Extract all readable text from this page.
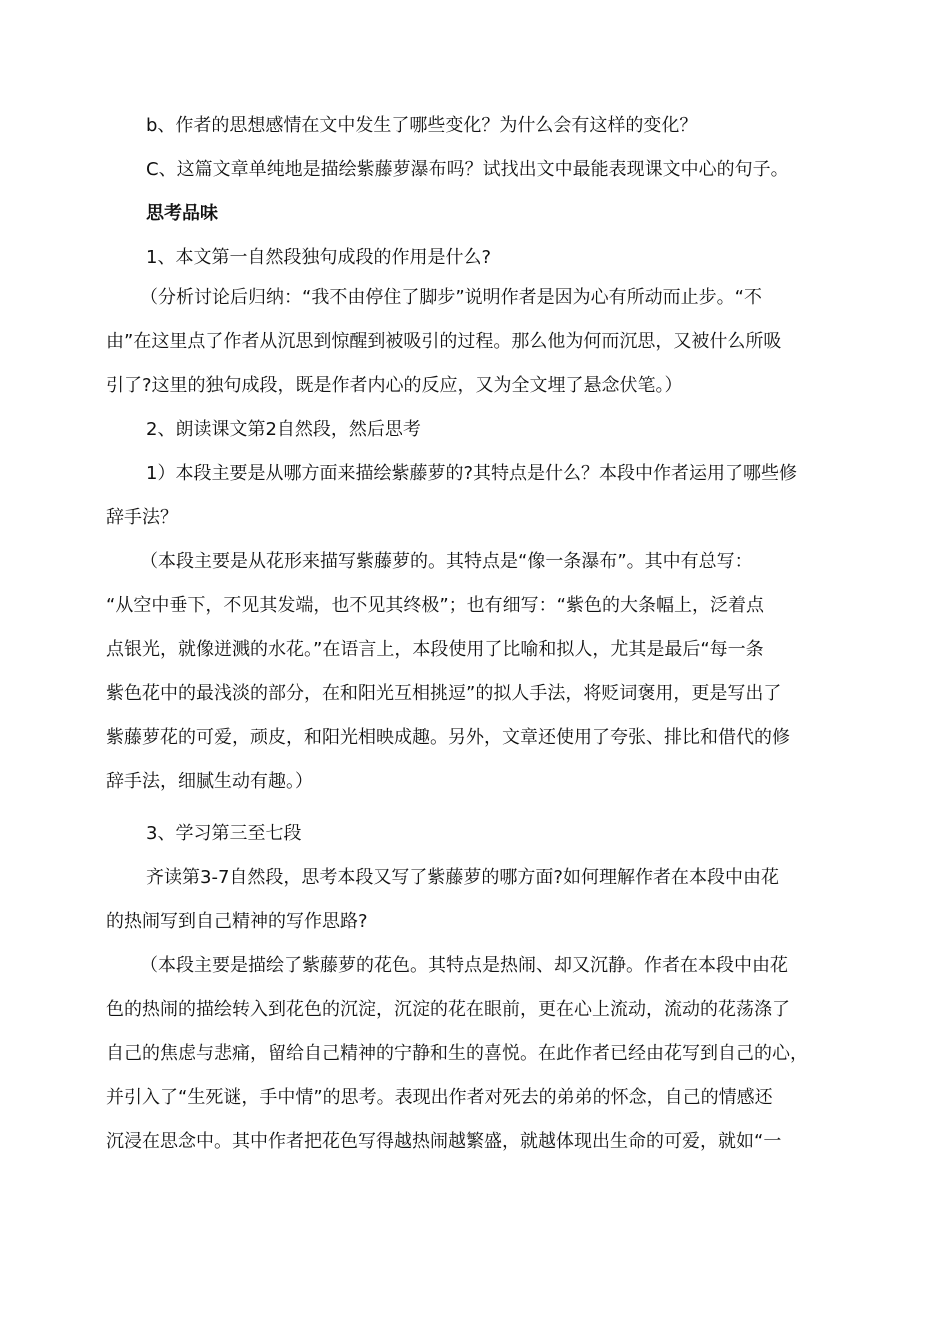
b、作者的思想感情在文中发生了哪些变化？为什么会有这样的变化？
C、这篇文章单纯地是描绘紫藤萝瀑布吗？试找出文中最能表现课文中心的句子。
思考品味
1、本文第一自然段独句成段的作用是什么?
（分析讨论后归纳：“我不由停住了脚步”说明作者是因为心有所动而止步。“不
由”在这里点了作者从沉思到惊醒到被吸引的过程。那么他为何而沉思，又被什么所吸
引了?这里的独句成段，既是作者内心的反应，又为全文埋了悬念伏笔。）
2、朗读课文第2自然段，然后思考
1）本段主要是从哪方面来描绘紫藤萝的?其特点是什么？本段中作者运用了哪些修
辞手法？
（本段主要是从花形来描写紫藤萝的。其特点是“像一条瀑布”。其中有总写：
“从空中垂下，不见其发端，也不见其终极”；也有细写：“紫色的大条幅上，泛着点
点银光，就像迸溅的水花。”在语言上，本段使用了比喻和拟人，尤其是最后“每一条
紫色花中的最浅淡的部分，在和阳光互相挑逗”的拟人手法，将贬词褒用，更是写出了
紫藤萝花的可爱，顽皮，和阳光相映成趣。另外，文章还使用了夸张、排比和借代的修
辞手法，细腻生动有趣。）
3、学习第三至七段
齐读第3-7自然段，思考本段又写了紫藤萝的哪方面?如何理解作者在本段中由花
的热闹写到自己精神的写作思路?
（本段主要是描绘了紫藤萝的花色。其特点是热闹、却又沉静。作者在本段中由花
色的热闹的描绘转入到花色的沉淀，沉淀的花在眼前，更在心上流动，流动的花荡涤了
自己的焦虑与悲痛，留给自己精神的宁静和生的喜悦。在此作者已经由花写到自己的心，
并引入了“生死谜，手中情”的思考。表现出作者对死去的弟弟的怀念，自己的情感还
沉浸在思念中。其中作者把花色写得越热闹越繁盛，就越体现出生命的可爱，就如“一
